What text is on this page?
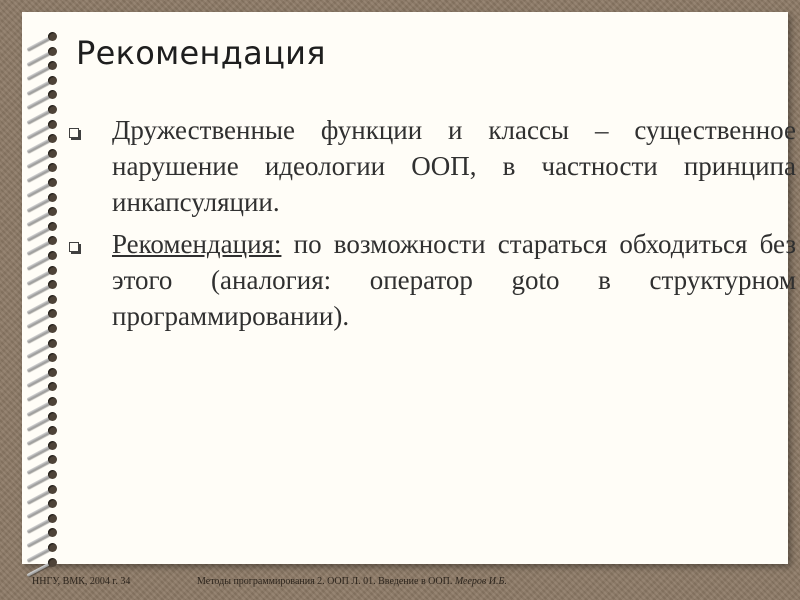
Рекомендация
Дружественные функции и классы – существенное нарушение идеологии ООП, в частности принципа инкапсуляции.
Рекомендация: по возможности стараться обходиться без этого (аналогия: оператор goto в структурном программировании).
ННГУ, ВМК, 2004 г. 34	Методы программирования 2. ООП Л. 01. Введение в ООП. Мееров И.Б.
